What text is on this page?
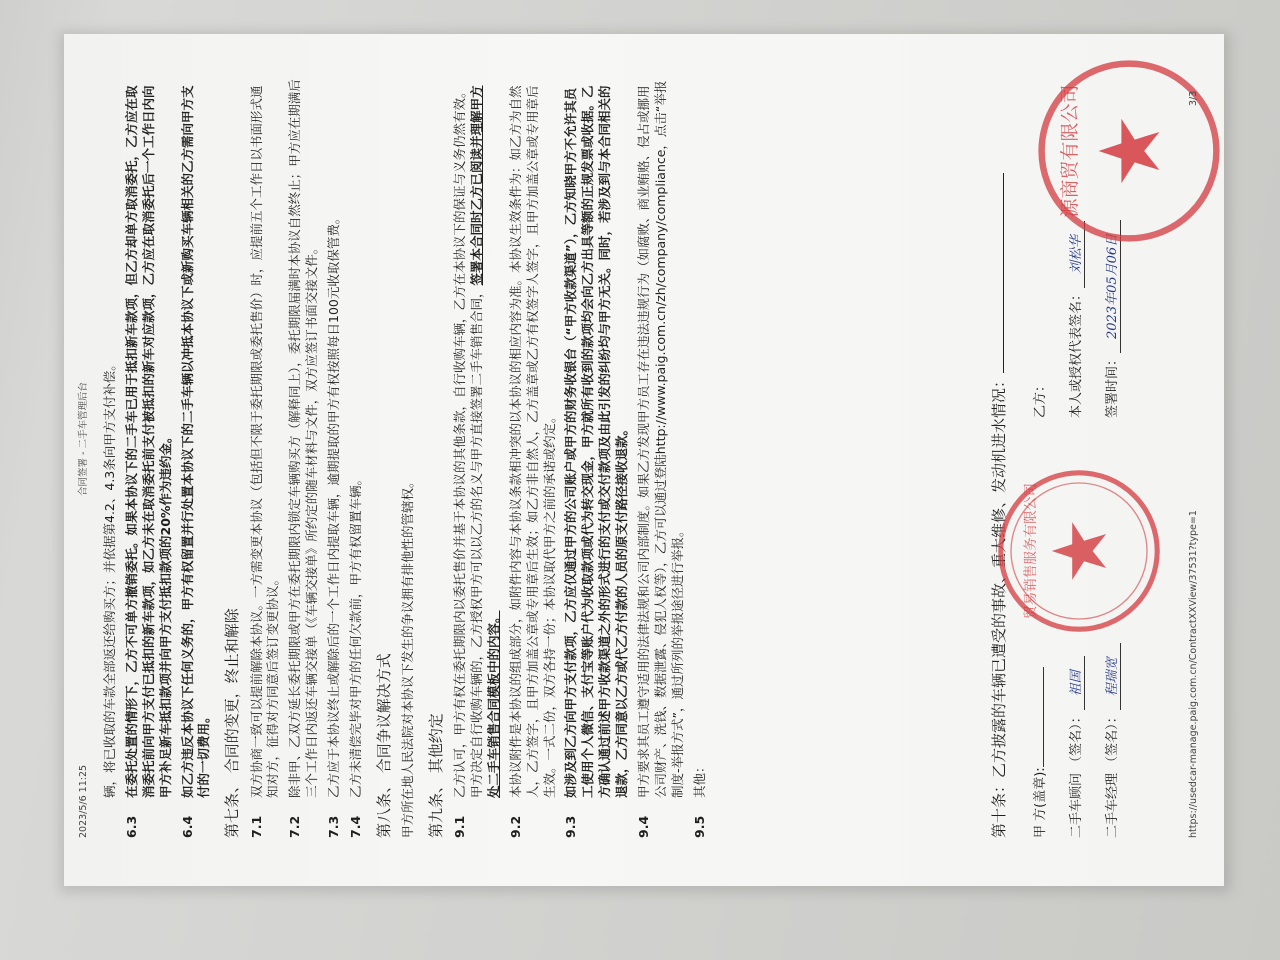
2023/5/6 11:25
合同签署 - 二手车管理后台 辆，将已收取的车款全部返还给购买方；并依据第4.2、4.3条向甲方支付补偿。
6.3
在委托处置的情形下，乙方不可单方撤销委托。如果本协议下的二手车已用于抵扣新车款项，但乙方却单方取消委托，乙方应在取消委托前向甲方支付已抵扣的新车款项，如乙方未在取消委托前支付被抵扣的新车对应款项，乙方应在取消委托后一个工作日内向甲方补足新车抵扣款项并向甲方支付抵扣款项的20%作为违约金。
6.4
如乙方违反本协议下任何义务的，甲方有权留置并行处置本协议下的二手车辆以冲抵本协议下或新购买车辆相关的乙方需向甲方支付的一切费用。 第七条、 合同的变更，终止和解除 7.1
双方协商一致可以提前解除本协议。一方需变更本协议（包括但不限于委托期限或委托售价）时，应提前五个工作日以书面形式通知对方，征得对方同意后签订变更协议。
7.2
除非甲、乙双方延长委托期限或甲方在委托期限内锁定车辆购买方（解释同上），委托期限届满时本协议自然终止；甲方应在期满后三个工作日内返还车辆交接单（《车辆交接单》所约定的随车材料与文件，双方应签订书面交接文件。
7.3
乙方应于本协议终止或解除后的一个工作日内提取车辆，逾期提取的甲方有权按照每日100元收取保管费。
7.4
乙方未清偿完毕对甲方的任何欠款前，甲方有权留置车辆。 第八条、 合同争议解决方式 甲方所在地人民法院对本协议下发生的争议拥有排他性的管辖权。 第九条、 其他约定 9.1
乙方认可，甲方有权在委托期限内以委托售价并基于本协议的其他条款，自行收购车辆，乙方在本协议下的保证与义务仍然有效。甲方决定自行收购车辆的，乙方授权甲方可以以乙方的名义与甲方直接签署二手车销售合同，签署本合同时乙方已阅读并理解甲方处二手车销售合同模板中的内容。
9.2
本协议附件是本协议的组成部分，如附件内容与本协议条款相冲突的以本协议的相应内容为准。本协议生效条件为：如乙方为自然人，乙方签字，且甲方加盖公章或专用章后生效；如乙方非自然人，乙方盖章或乙方有权签字人签字，且甲方加盖公章或专用章后生效。一式二份，双方各持一份；本协议取代甲方之前的承诺或约定。
9.3
如涉及到乙方向甲方支付款项，乙方应仅通过甲方的公司账户或甲方的财务收银台（“甲方收款渠道”），乙方知晓甲方不允许其员工使用个人微信、支付宝等账户代为收取款项或代为转交现金，甲方就所有收到的款项均会向乙方出具等额的正规发票或收据。乙方确认通过前述甲方收款渠道之外的形式进行的支付或交付款项及由此引发的纠纷均与甲方无关。同时，若涉及到与本合同相关的退款，乙方同意以乙方或代乙方付款的人员的原支付路径接收退款。
9.4
甲方要求其员工遵守适用的法律法规和公司内部制度。如果乙方发现甲方员工存在违法违规行为（如腐败、商业贿赂、侵占或挪用公司财产、洗钱、数据泄露、侵犯人权等），乙方可以通过登陆http://www.paig.com.cn/zh/company/compliance，点击“举报制度-举报方式”，通过所列的举报途径进行举报。
9.5
其他：	第十条：乙方披露的车辆已遭受的事故、重大维修、发动机进水情况： 甲 方(盖章): 二手车顾问 （签名）：祖国
二手车经理 （签名）：程瑞宽
乙方： 本人或授权代表签名：刘松华
签署时间：2023年05月06日
贸易销售服务有限公司
源商贸有限公司
https://usedcar-manage.paig.com.cn/ContractXXView/37531?type=1
3/3
